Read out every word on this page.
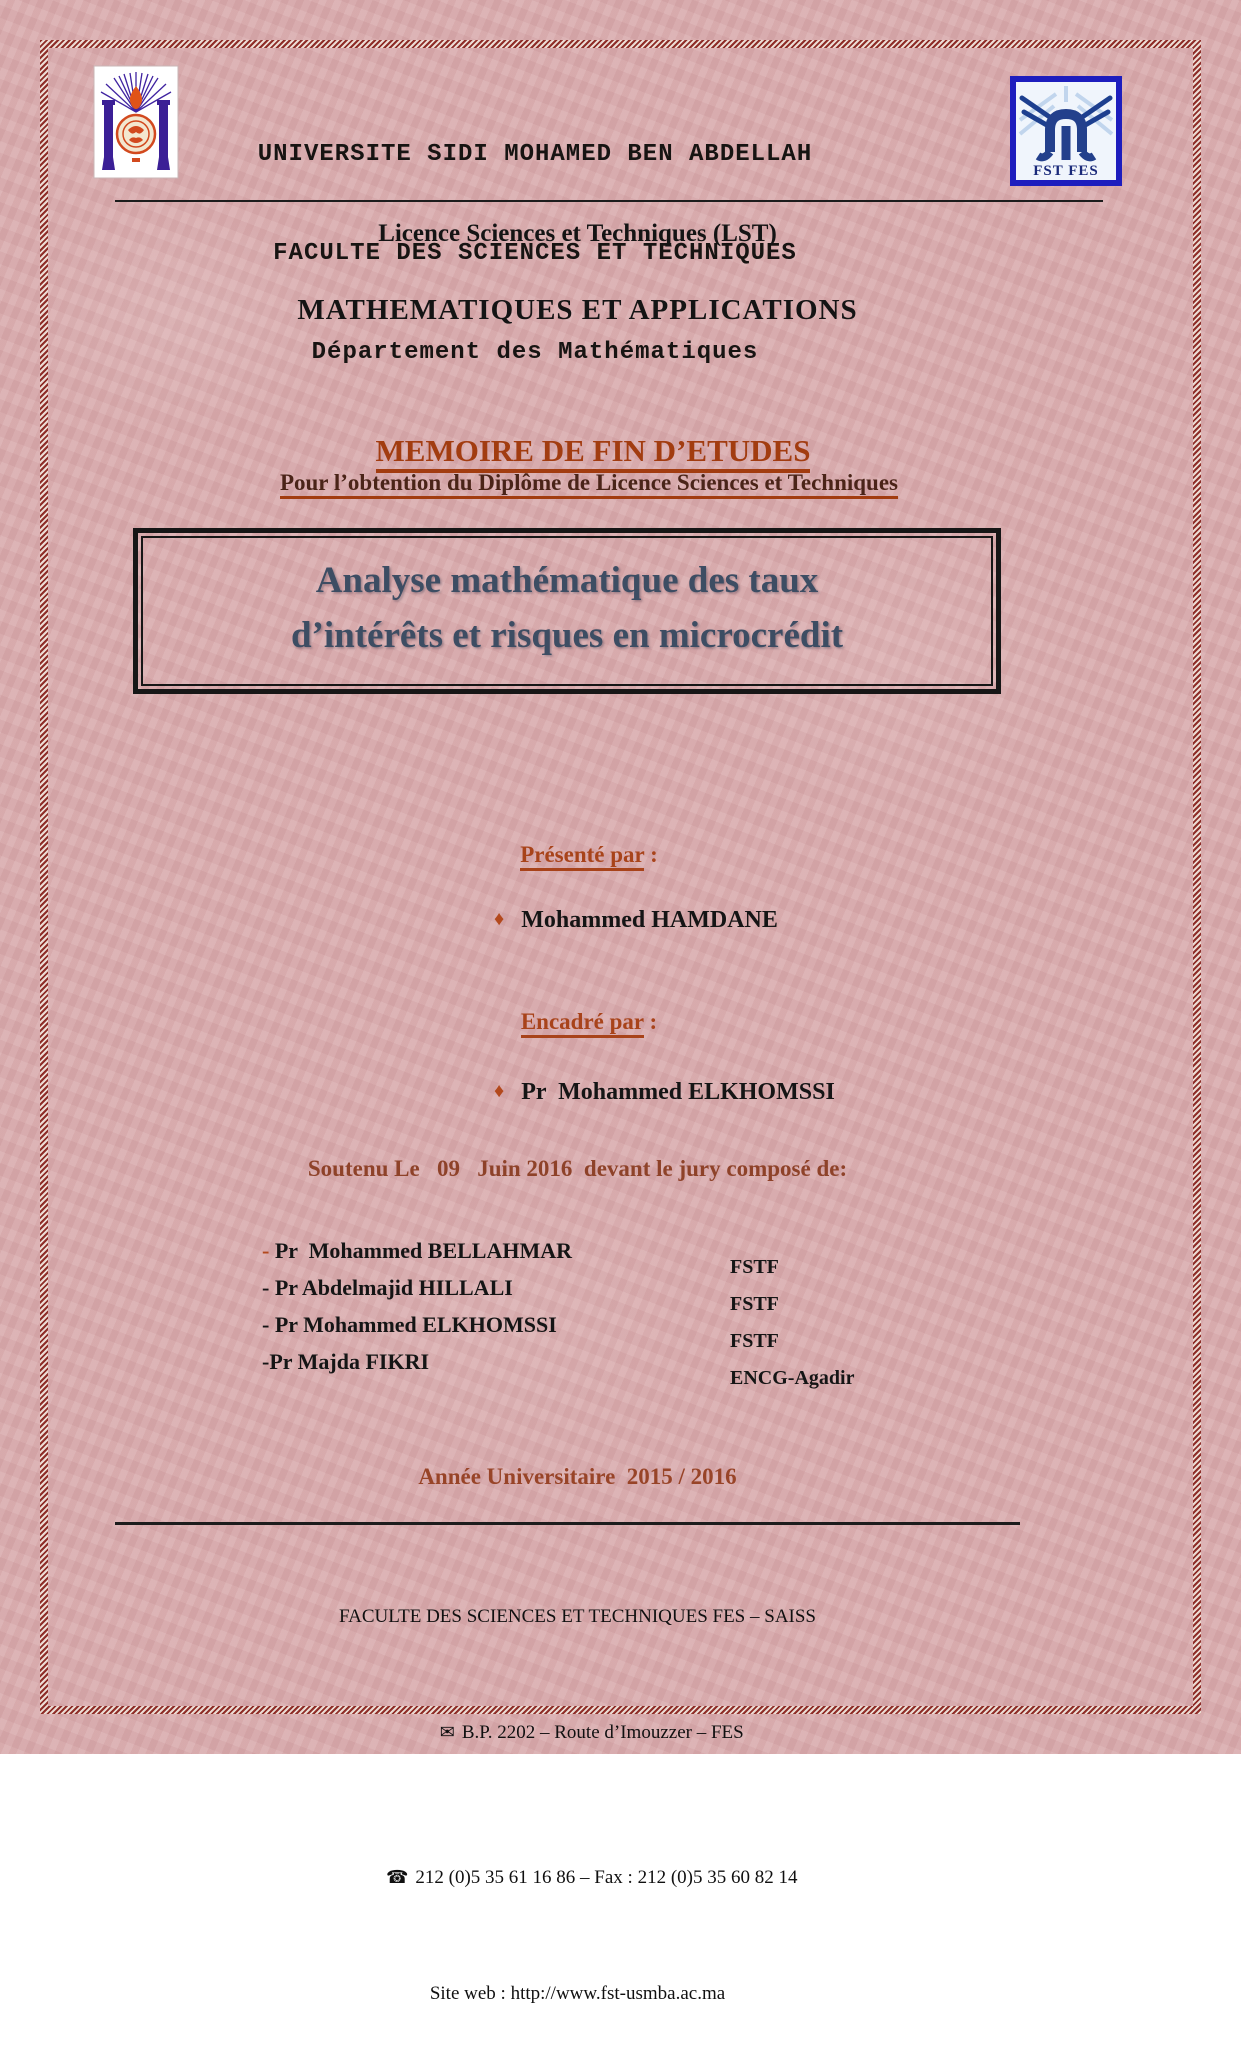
UNIVERSITE SIDI MOHAMED BEN ABDELLAH

FACULTE DES SCIENCES ET TECHNIQUES

Département des Mathématiques

FST FES
Licence Sciences et Techniques (LST)
MATHEMATIQUES ET APPLICATIONS

MEMOIRE DE FIN D’ETUDES

Pour l’obtention du Diplôme de Licence Sciences et Techniques

Analyse mathématique des taux
d’intérêts et risques en microcrédit

Présenté par :

♦ Mohammed HAMDANE

Encadré par :

♦ Pr  Mohammed ELKHOMSSI

Soutenu Le   09   Juin 2016  devant le jury composé de:

- Pr  Mohammed BELLAHMAR

FSTF

- Pr Abdelmajid HILLALI

FSTF

- Pr Mohammed ELKHOMSSI

FSTF

-Pr Majda FIKRI

ENCG-Agadir

Année Universitaire  2015 / 2016

FACULTE DES SCIENCES ET TECHNIQUES FES – SAISS

✉ B.P. 2202 – Route d’Imouzzer – FES

☎ 212 (0)5 35 61 16 86 – Fax : 212 (0)5 35 60 82 14

Site web : http://www.fst-usmba.ac.ma
